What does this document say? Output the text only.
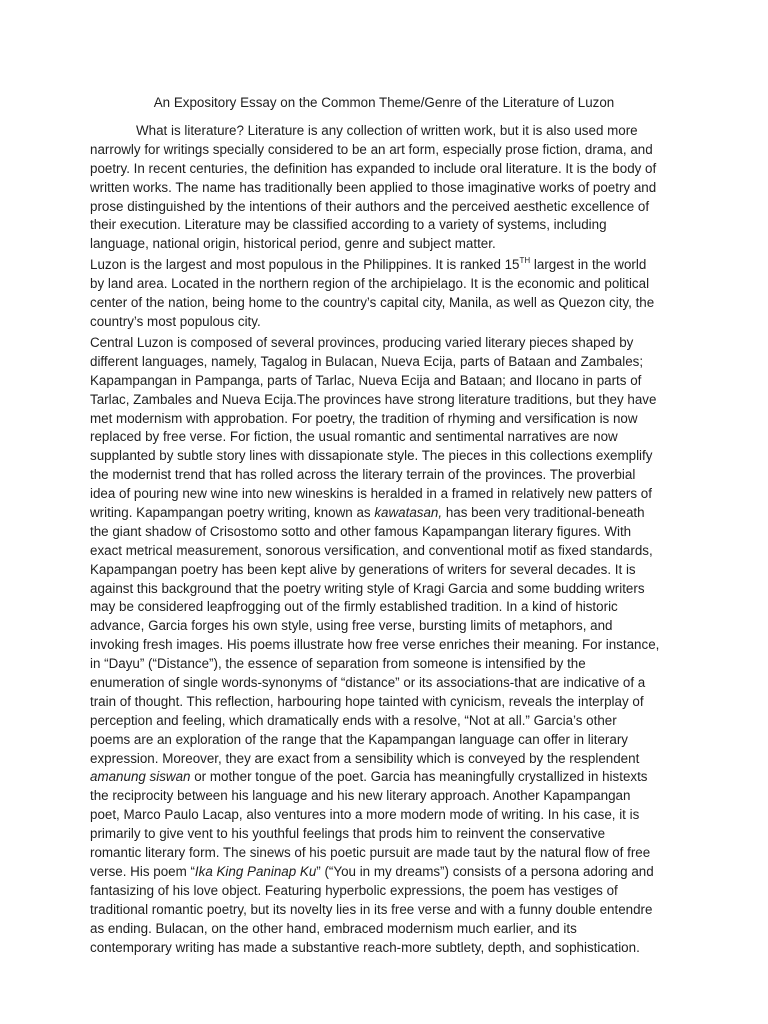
An Expository Essay on the Common Theme/Genre of the Literature of Luzon
What is literature? Literature is any collection of written work, but it is also used more
narrowly for writings specially considered to be an art form, especially prose fiction, drama, and
poetry. In recent centuries, the definition has expanded to include oral literature. It is the body of
written works. The name has traditionally been applied to those imaginative works of poetry and
prose distinguished by the intentions of their authors and the perceived aesthetic excellence of
their execution. Literature may be classified according to a variety of systems, including
language, national origin, historical period, genre and subject matter.
Luzon is the largest and most populous in the Philippines. It is ranked 15TH largest in the world
by land area. Located in the northern region of the archipielago. It is the economic and political
center of the nation, being home to the country’s capital city, Manila, as well as Quezon city, the
country’s most populous city.
Central Luzon is composed of several provinces, producing varied literary pieces shaped by
different languages, namely, Tagalog in Bulacan, Nueva Ecija, parts of Bataan and Zambales;
Kapampangan in Pampanga, parts of Tarlac, Nueva Ecija and Bataan; and Ilocano in parts of
Tarlac, Zambales and Nueva Ecija.The provinces have strong literature traditions, but they have
met modernism with approbation. For poetry, the tradition of rhyming and versification is now
replaced by free verse. For fiction, the usual romantic and sentimental narratives are now
supplanted by subtle story lines with dissapionate style. The pieces in this collections exemplify
the modernist trend that has rolled across the literary terrain of the provinces. The proverbial
idea of pouring new wine into new wineskins is heralded in a framed in relatively new patters of
writing. Kapampangan poetry writing, known as kawatasan, has been very traditional-beneath
the giant shadow of Crisostomo sotto and other famous Kapampangan literary figures. With
exact metrical measurement, sonorous versification, and conventional motif as fixed standards,
Kapampangan poetry has been kept alive by generations of writers for several decades. It is
against this background that the poetry writing style of Kragi Garcia and some budding writers
may be considered leapfrogging out of the firmly established tradition. In a kind of historic
advance, Garcia forges his own style, using free verse, bursting limits of metaphors, and
invoking fresh images. His poems illustrate how free verse enriches their meaning. For instance,
in “Dayu” (“Distance”), the essence of separation from someone is intensified by the
enumeration of single words-synonyms of “distance” or its associations-that are indicative of a
train of thought. This reflection, harbouring hope tainted with cynicism, reveals the interplay of
perception and feeling, which dramatically ends with a resolve, “Not at all.” Garcia’s other
poems are an exploration of the range that the Kapampangan language can offer in literary
expression. Moreover, they are exact from a sensibility which is conveyed by the resplendent
amanung siswan or mother tongue of the poet. Garcia has meaningfully crystallized in histexts
the reciprocity between his language and his new literary approach. Another Kapampangan
poet, Marco Paulo Lacap, also ventures into a more modern mode of writing. In his case, it is
primarily to give vent to his youthful feelings that prods him to reinvent the conservative
romantic literary form. The sinews of his poetic pursuit are made taut by the natural flow of free
verse. His poem “Ika King Paninap Ku” (“You in my dreams”) consists of a persona adoring and
fantasizing of his love object. Featuring hyperbolic expressions, the poem has vestiges of
traditional romantic poetry, but its novelty lies in its free verse and with a funny double entendre
as ending. Bulacan, on the other hand, embraced modernism much earlier, and its
contemporary writing has made a substantive reach-more subtlety, depth, and sophistication.
